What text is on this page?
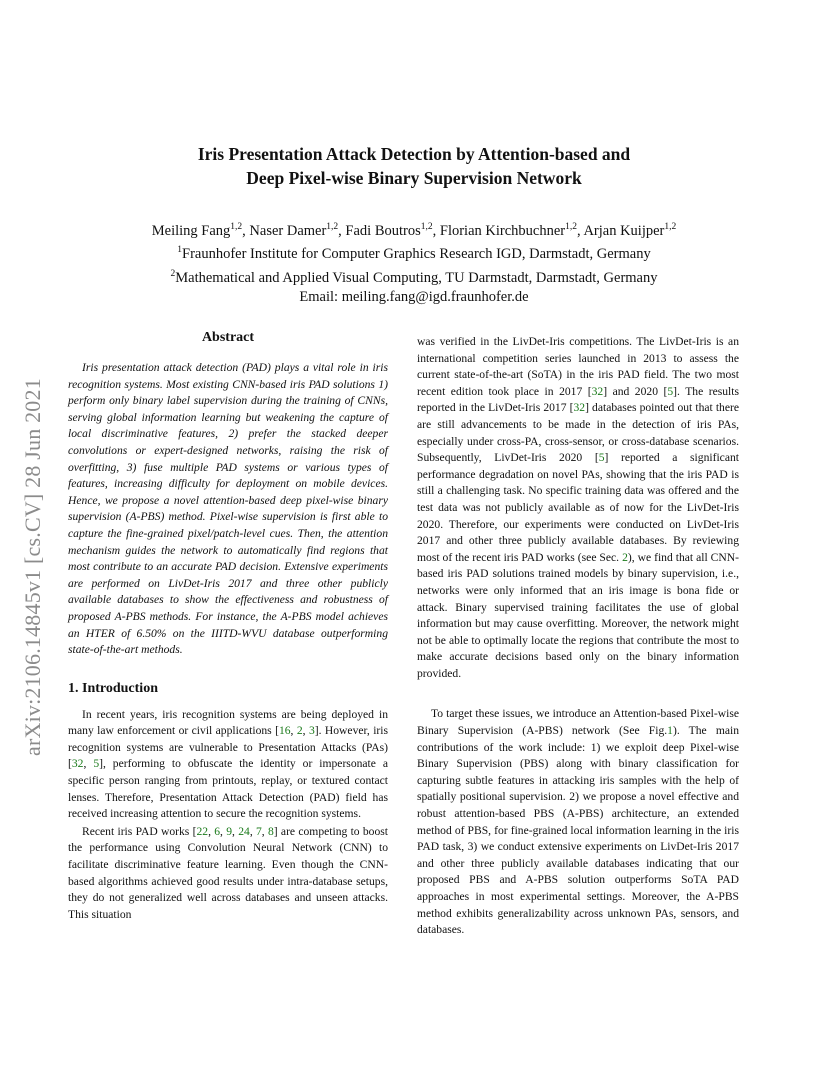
arXiv:2106.14845v1 [cs.CV] 28 Jun 2021
Iris Presentation Attack Detection by Attention-based and
Deep Pixel-wise Binary Supervision Network
Meiling Fang$^{1,2}$, Naser Damer$^{1,2}$, Fadi Boutros$^{1,2}$, Florian Kirchbuchner$^{1,2}$, Arjan Kuijper$^{1,2}$
$^1$Fraunhofer Institute for Computer Graphics Research IGD, Darmstadt, Germany
$^2$Mathematical and Applied Visual Computing, TU Darmstadt, Darmstadt, Germany
Email: meiling.fang@igd.fraunhofer.de
Abstract

Iris presentation attack detection (PAD) plays a vital role in iris recognition systems. Most existing CNN-based iris PAD solutions 1) perform only binary label supervision during the training of CNNs, serving global information learning but weakening the capture of local discriminative features, 2) prefer the stacked deeper convolutions or expert-designed networks, raising the risk of overfitting, 3) fuse multiple PAD systems or various types of features, increasing difficulty for deployment on mobile devices. Hence, we propose a novel attention-based deep pixel-wise binary supervision (A-PBS) method. Pixel-wise supervision is first able to capture the fine-grained pixel/patch-level cues. Then, the attention mechanism guides the network to automatically find regions that most contribute to an accurate PAD decision. Extensive experiments are performed on LivDet-Iris 2017 and three other publicly available databases to show the effectiveness and robustness of proposed A-PBS methods. For instance, the A-PBS model achieves an HTER of 6.50% on the IIITD-WVU database outperforming state-of-the-art methods.

1. Introduction

In recent years, iris recognition systems are being deployed in many law enforcement or civil applications [16, 2, 3]. However, iris recognition systems are vulnerable to Presentation Attacks (PAs) [32, 5], performing to obfuscate the identity or impersonate a specific person ranging from printouts, replay, or textured contact lenses. Therefore, Presentation Attack Detection (PAD) field has received increasing attention to secure the recognition systems.

Recent iris PAD works [22, 6, 9, 24, 7, 8] are competing to boost the performance using Convolution Neural Network (CNN) to facilitate discriminative feature learning. Even though the CNN-based algorithms achieved good results under intra-database setups, they do not generalized well across databases and unseen attacks. This situation

was verified in the LivDet-Iris competitions. The LivDet-Iris is an international competition series launched in 2013 to assess the current state-of-the-art (SoTA) in the iris PAD field. The two most recent edition took place in 2017 [32] and 2020 [5]. The results reported in the LivDet-Iris 2017 [32] databases pointed out that there are still advancements to be made in the detection of iris PAs, especially under cross-PA, cross-sensor, or cross-database scenarios. Subsequently, LivDet-Iris 2020 [5] reported a significant performance degradation on novel PAs, showing that the iris PAD is still a challenging task. No specific training data was offered and the test data was not publicly available as of now for the LivDet-Iris 2020. Therefore, our experiments were conducted on LivDet-Iris 2017 and other three publicly available databases. By reviewing most of the recent iris PAD works (see Sec. 2), we find that all CNN-based iris PAD solutions trained models by binary supervision, i.e., networks were only informed that an iris image is bona fide or attack. Binary supervised training facilitates the use of global information but may cause overfitting. Moreover, the network might not be able to optimally locate the regions that contribute the most to make accurate decisions based only on the binary information provided.

To target these issues, we introduce an Attention-based Pixel-wise Binary Supervision (A-PBS) network (See Fig.1). The main contributions of the work include: 1) we exploit deep Pixel-wise Binary Supervision (PBS) along with binary classification for capturing subtle features in attacking iris samples with the help of spatially positional supervision. 2) we propose a novel effective and robust attention-based PBS (A-PBS) architecture, an extended method of PBS, for fine-grained local information learning in the iris PAD task, 3) we conduct extensive experiments on LivDet-Iris 2017 and other three publicly available databases indicating that our proposed PBS and A-PBS solution outperforms SoTA PAD approaches in most experimental settings. Moreover, the A-PBS method exhibits generalizability across unknown PAs, sensors, and databases.
